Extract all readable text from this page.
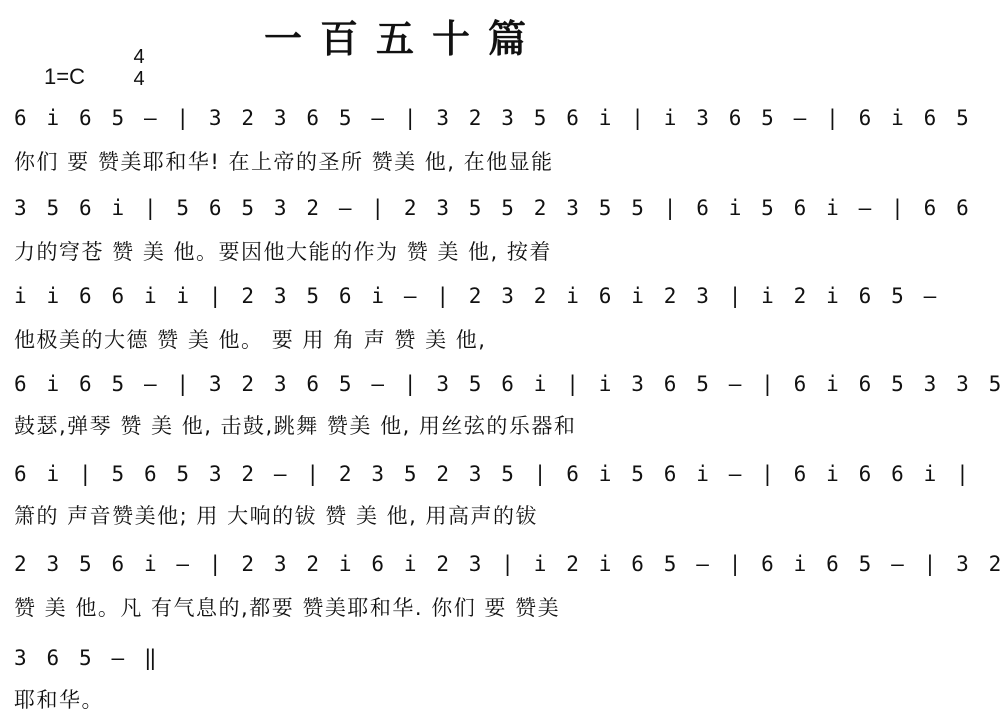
一百五十篇
1=C
4
4
6 i 6 5 – | 3 2 3 6 5 – | 3 2 3 5 6 i | i 3 6 5 – | 6 i 6 5
你们 要 赞美耶和华! 在上帝的圣所 赞美 他, 在他显能
3 5 6 i | 5 6 5 3 2 – | 2 3 5 5 2 3 5 5 | 6 i 5 6 i – | 6 6
力的穹苍 赞 美 他。要因他大能的作为 赞 美 他, 按着
i i 6 6 i i | 2 3 5 6 i – | 2 3 2 i 6 i 2 3 | i 2 i 6 5 –
他极美的大德 赞 美 他。 要 用 角 声 赞 美 他,
6 i 6 5 – | 3 2 3 6 5 – | 3 5 6 i | i 3 6 5 – | 6 i 6 5 3 3 5
鼓瑟,弹琴 赞 美 他, 击鼓,跳舞 赞美 他, 用丝弦的乐器和
6 i | 5 6 5 3 2 – | 2 3 5 2 3 5 | 6 i 5 6 i – | 6 i 6 6 i |
箫的 声音赞美他; 用 大响的钹 赞 美 他, 用高声的钹
2 3 5 6 i – | 2 3 2 i 6 i 2 3 | i 2 i 6 5 – | 6 i 6 5 – | 3 2
赞 美 他。凡 有气息的,都要 赞美耶和华. 你们 要 赞美
3 6 5 – ‖
耶和华。
